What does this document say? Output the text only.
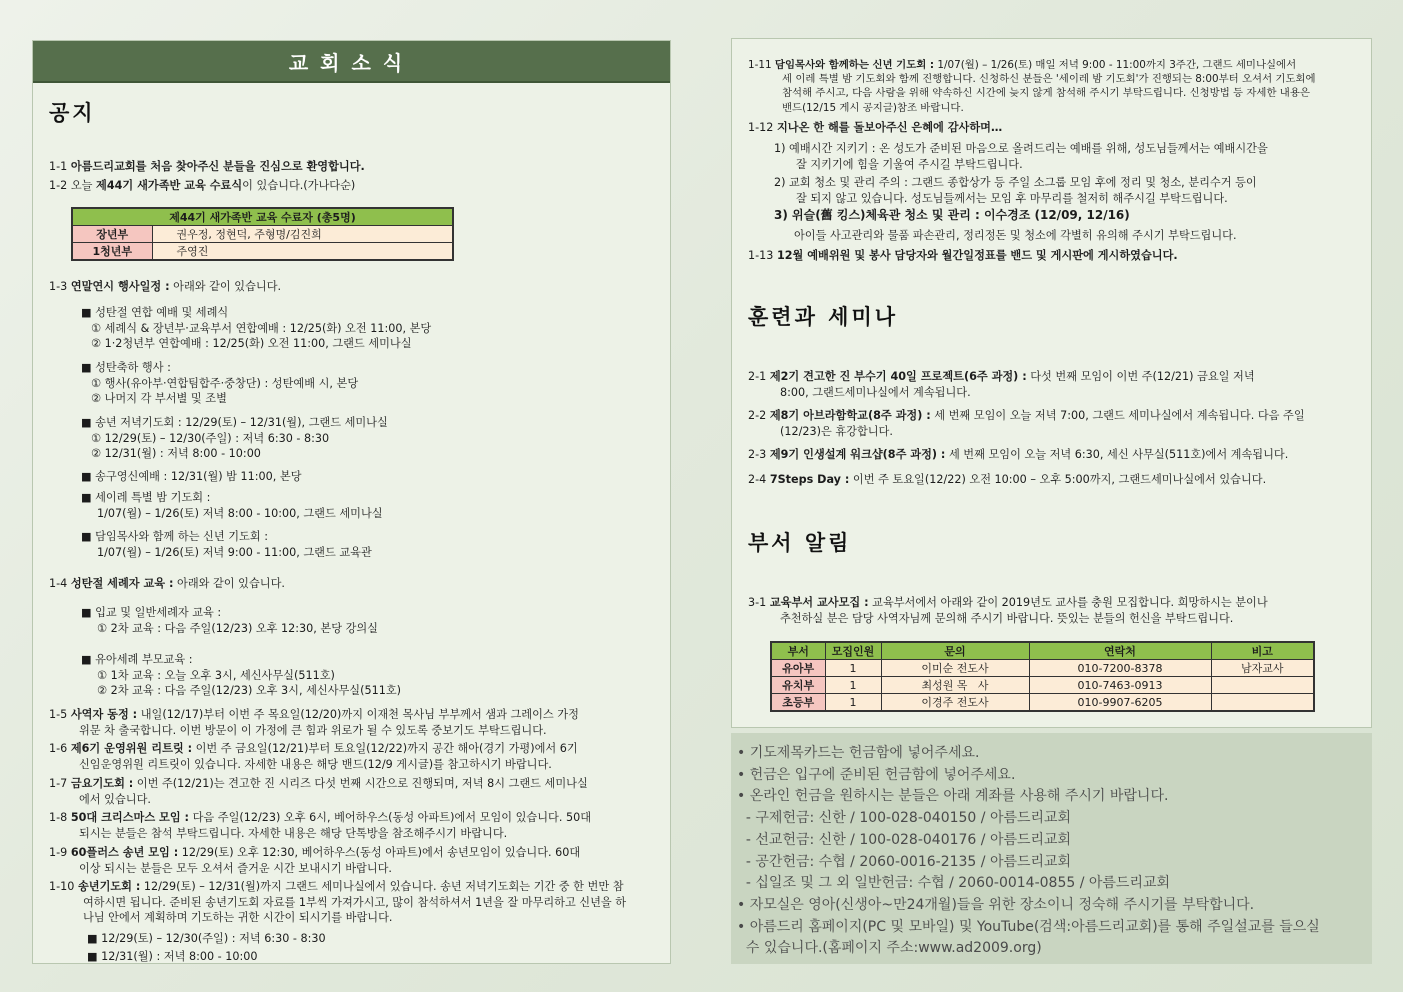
교회소식
공지
1-1 아름드리교회를 처음 찾아주신 분들을 진심으로 환영합니다.
1-2 오늘 제44기 새가족반 교육 수료식이 있습니다.(가나다순)
제44기 새가족반 교육 수료자 (총5명)	
장년부	권우정, 정현덕, 주형명/김진희
1청년부	주영진
1-3 연말연시 행사일정 : 아래와 같이 있습니다.
■ 성탄절 연합 예배 및 세례식
① 세례식 & 장년부·교육부서 연합예배 : 12/25(화) 오전 11:00, 본당
② 1·2청년부 연합예배 : 12/25(화) 오전 11:00, 그랜드 세미나실
■ 성탄축하 행사 :
① 행사(유아부·연합팀합주·중창단) : 성탄예배 시, 본당
② 나머지 각 부서별 및 조별
■ 송년 저녁기도회 : 12/29(토) – 12/31(월), 그랜드 세미나실
① 12/29(토) – 12/30(주일) : 저녁 6:30 - 8:30
② 12/31(월) : 저녁 8:00 - 10:00
■ 송구영신예배 : 12/31(월) 밤 11:00, 본당
■ 세이레 특별 밤 기도회 :
1/07(월) – 1/26(토) 저녁 8:00 - 10:00, 그랜드 세미나실
■ 담임목사와 함께 하는 신년 기도회 :
1/07(월) – 1/26(토) 저녁 9:00 - 11:00, 그랜드 교육관
1-4 성탄절 세례자 교육 : 아래와 같이 있습니다.
■ 입교 및 일반세례자 교육 :
① 2차 교육 : 다음 주일(12/23) 오후 12:30, 본당 강의실
■ 유아세례 부모교육 :
① 1차 교육 : 오늘 오후 3시, 세신사무실(511호)
② 2차 교육 : 다음 주일(12/23) 오후 3시, 세신사무실(511호)
1-5 사역자 동정 : 내일(12/17)부터 이번 주 목요일(12/20)까지 이재천 목사님 부부께서 샘과 그레이스 가정
위문 차 출국합니다. 이번 방문이 이 가정에 큰 힘과 위로가 될 수 있도록 중보기도 부탁드립니다.
1-6 제6기 운영위원 리트릿 : 이번 주 금요일(12/21)부터 토요일(12/22)까지 공간 해아(경기 가평)에서 6기
신임운영위원 리트릿이 있습니다. 자세한 내용은 해당 밴드(12/9 게시글)를 참고하시기 바랍니다.
1-7 금요기도회 : 이번 주(12/21)는 견고한 진 시리즈 다섯 번째 시간으로 진행되며, 저녁 8시 그랜드 세미나실
에서 있습니다.
1-8 50대 크리스마스 모임 : 다음 주일(12/23) 오후 6시, 베어하우스(동성 아파트)에서 모임이 있습니다. 50대
되시는 분들은 참석 부탁드립니다. 자세한 내용은 해당 단톡방을 참조해주시기 바랍니다.
1-9 60플러스 송년 모임 : 12/29(토) 오후 12:30, 베어하우스(동성 아파트)에서 송년모임이 있습니다. 60대
이상 되시는 분들은 모두 오셔서 즐거운 시간 보내시기 바랍니다.
1-10 송년기도회 : 12/29(토) – 12/31(월)까지 그랜드 세미나실에서 있습니다. 송년 저녁기도회는 기간 중 한 번만 참
여하시면 됩니다. 준비된 송년기도회 자료를 1부씩 가져가시고, 많이 참석하셔서 1년을 잘 마무리하고 신년을 하
나님 안에서 계획하며 기도하는 귀한 시간이 되시기를 바랍니다.
■ 12/29(토) – 12/30(주일) : 저녁 6:30 - 8:30
■ 12/31(월) : 저녁 8:00 - 10:00
1-11 담임목사와 함께하는 신년 기도회 : 1/07(월) – 1/26(토) 매일 저녁 9:00 - 11:00까지 3주간, 그랜드 세미나실에서
세 이레 특별 밤 기도회와 함께 진행합니다. 신청하신 분들은 '세이레 밤 기도회'가 진행되는 8:00부터 오셔서 기도회에
참석해 주시고, 다음 사람을 위해 약속하신 시간에 늦지 않게 참석해 주시기 부탁드립니다. 신청방법 등 자세한 내용은
밴드(12/15 게시 공지글)참조 바랍니다.
1-12 지나온 한 해를 돌보아주신 은혜에 감사하며…
1) 예배시간 지키기 : 온 성도가 준비된 마음으로 올려드리는 예배를 위해, 성도님들께서는 예배시간을
잘 지키기에 힘을 기울여 주시길 부탁드립니다.
2) 교회 청소 및 관리 주의 : 그랜드 종합상가 등 주일 소그룹 모임 후에 정리 및 청소, 분리수거 등이
잘 되지 않고 있습니다. 성도님들께서는 모임 후 마무리를 철저히 해주시길 부탁드립니다.
3) 위슬(舊 킹스)체육관 청소 및 관리 : 이수경조 (12/09, 12/16)
아이들 사고관리와 물품 파손관리, 정리정돈 및 청소에 각별히 유의해 주시기 부탁드립니다.
1-13 12월 예배위원 및 봉사 담당자와 월간일정표를 밴드 및 게시판에 게시하였습니다.
훈련과 세미나
2-1 제2기 견고한 진 부수기 40일 프로젝트(6주 과정) : 다섯 번째 모임이 이번 주(12/21) 금요일 저녁
8:00, 그랜드세미나실에서 계속됩니다.
2-2 제8기 아브라함학교(8주 과정) : 세 번째 모임이 오늘 저녁 7:00, 그랜드 세미나실에서 계속됩니다. 다음 주일
(12/23)은 휴강합니다.
2-3 제9기 인생설계 워크샵(8주 과정) : 세 번째 모임이 오늘 저녁 6:30, 세신 사무실(511호)에서 계속됩니다.
2-4 7Steps Day : 이번 주 토요일(12/22) 오전 10:00 – 오후 5:00까지, 그랜드세미나실에서 있습니다.
부서 알림
3-1 교육부서 교사모집 : 교육부서에서 아래와 같이 2019년도 교사를 충원 모집합니다. 희망하시는 분이나
추천하실 분은 담당 사역자님께 문의해 주시기 바랍니다. 뜻있는 분들의 헌신을 부탁드립니다.
부서	모집인원	문의	연락처	비고
유아부	1	이미순 전도사	010-7200-8378	남자교사
유치부	1	최성원 목   사	010-7463-0913	
초등부	1	이경주 전도사	010-9907-6205	
• 기도제목카드는 헌금함에 넣어주세요.
• 헌금은 입구에 준비된 헌금함에 넣어주세요.
• 온라인 헌금을 원하시는 분들은 아래 계좌를 사용해 주시기 바랍니다.
- 구제헌금: 신한 / 100-028-040150 / 아름드리교회
- 선교헌금: 신한 / 100-028-040176 / 아름드리교회
- 공간헌금: 수협 / 2060-0016-2135 / 아름드리교회
- 십일조 및 그 외 일반헌금: 수협 / 2060-0014-0855 / 아름드리교회
• 자모실은 영아(신생아~만24개월)들을 위한 장소이니 정숙해 주시기를 부탁합니다.
• 아름드리 홈페이지(PC 및 모바일) 및 YouTube(검색:아름드리교회)를 통해 주일설교를 들으실
수 있습니다.(홈페이지 주소:www.ad2009.org)
